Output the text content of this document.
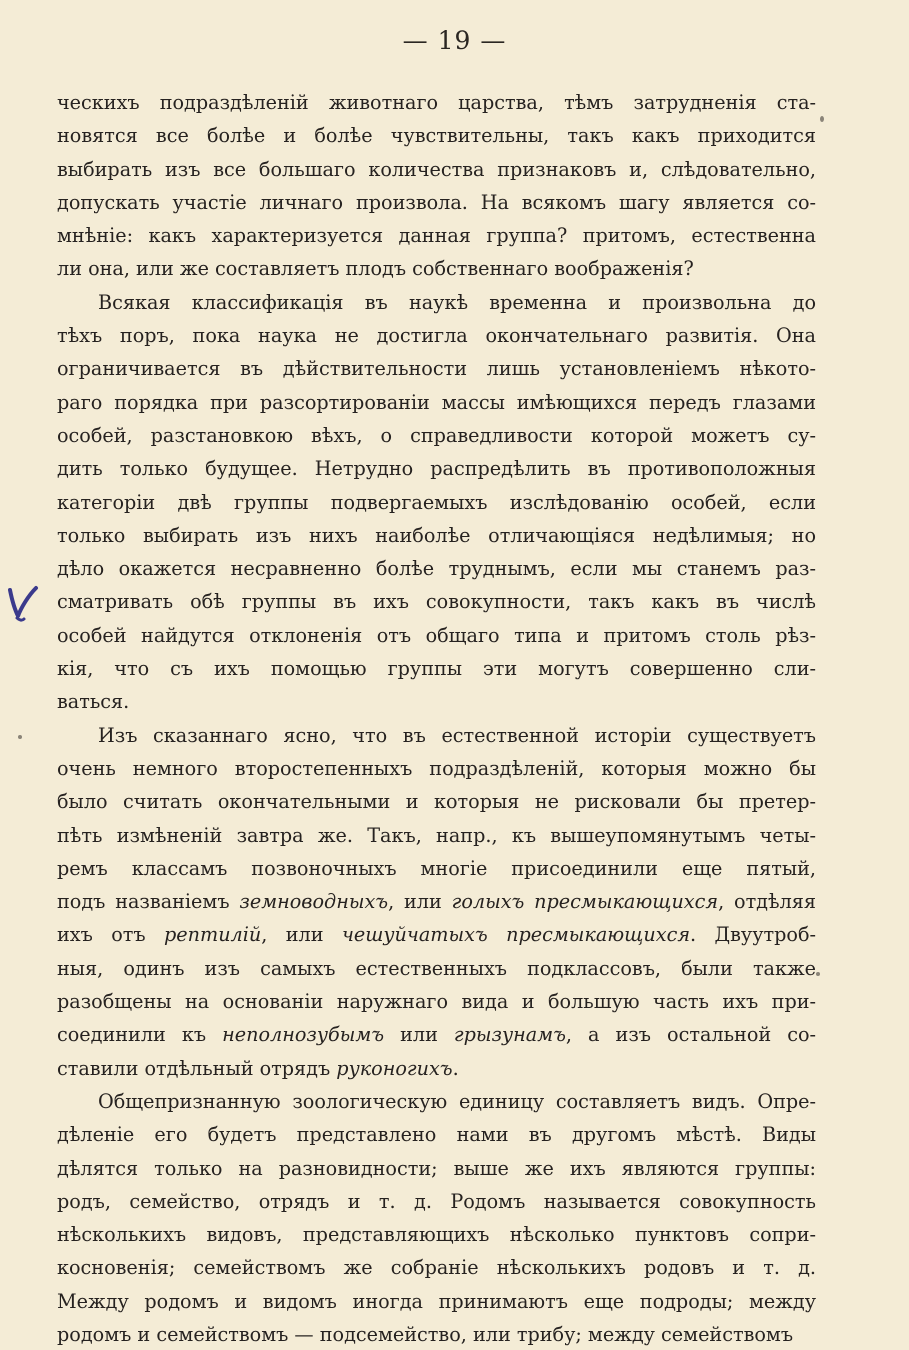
— 19 —
ческихъ подраздѣленій животнаго царства, тѣмъ затрудненія ста-
новятся все болѣе и болѣе чувствительны, такъ какъ приходится
выбирать изъ все большаго количества признаковъ и, слѣдовательно,
допускать участіе личнаго произвола. На всякомъ шагу является со-
мнѣніе: какъ характеризуется данная группа? притомъ, естественна
ли она, или же составляетъ плодъ собственнаго воображенія?
Всякая классификація въ наукѣ временна и произвольна до
тѣхъ поръ, пока наука не достигла окончательнаго развитія. Она
ограничивается въ дѣйствительности лишь установленіемъ нѣкото-
раго порядка при разсортированіи массы имѣющихся передъ глазами
особей, разстановкою вѣхъ, о справедливости которой можетъ су-
дить только будущее. Нетрудно распредѣлить въ противоположныя
категоріи двѣ группы подвергаемыхъ изслѣдованію особей, если
только выбирать изъ нихъ наиболѣе отличающіяся недѣлимыя; но
дѣло окажется несравненно болѣе труднымъ, если мы станемъ раз-
сматривать обѣ группы въ ихъ совокупности, такъ какъ въ числѣ
особей найдутся отклоненія отъ общаго типа и притомъ столь рѣз-
кія, что съ ихъ помощью группы эти могутъ совершенно сли-
ваться.
Изъ сказаннаго ясно, что въ естественной исторіи существуетъ
очень немного второстепенныхъ подраздѣленій, которыя можно бы
было считать окончательными и которыя не рисковали бы претер-
пѣть измѣненій завтра же. Такъ, напр., къ вышеупомянутымъ четы-
ремъ классамъ позвоночныхъ многіе присоединили еще пятый,
подъ названіемъ земноводныхъ, или голыхъ пресмыкающихся, отдѣляя
ихъ отъ рептилій, или чешуйчатыхъ пресмыкающихся. Двуутроб-
ныя, одинъ изъ самыхъ естественныхъ подклассовъ, были также
разобщены на основаніи наружнаго вида и большую часть ихъ при-
соединили къ неполнозубымъ или грызунамъ, а изъ остальной со-
ставили отдѣльный отрядъ руконогихъ.
Общепризнанную зоологическую единицу составляетъ видъ. Опре-
дѣленіе его будетъ представлено нами въ другомъ мѣстѣ. Виды
дѣлятся только на разновидности; выше же ихъ являются группы:
родъ, семейство, отрядъ и т. д. Родомъ называется совокупность
нѣсколькихъ видовъ, представляющихъ нѣсколько пунктовъ сопри-
косновенія; семействомъ же собраніе нѣсколькихъ родовъ и т. д.
Между родомъ и видомъ иногда принимаютъ еще подроды; между
родомъ и семействомъ — подсемейство, или трибу; между семействомъ
